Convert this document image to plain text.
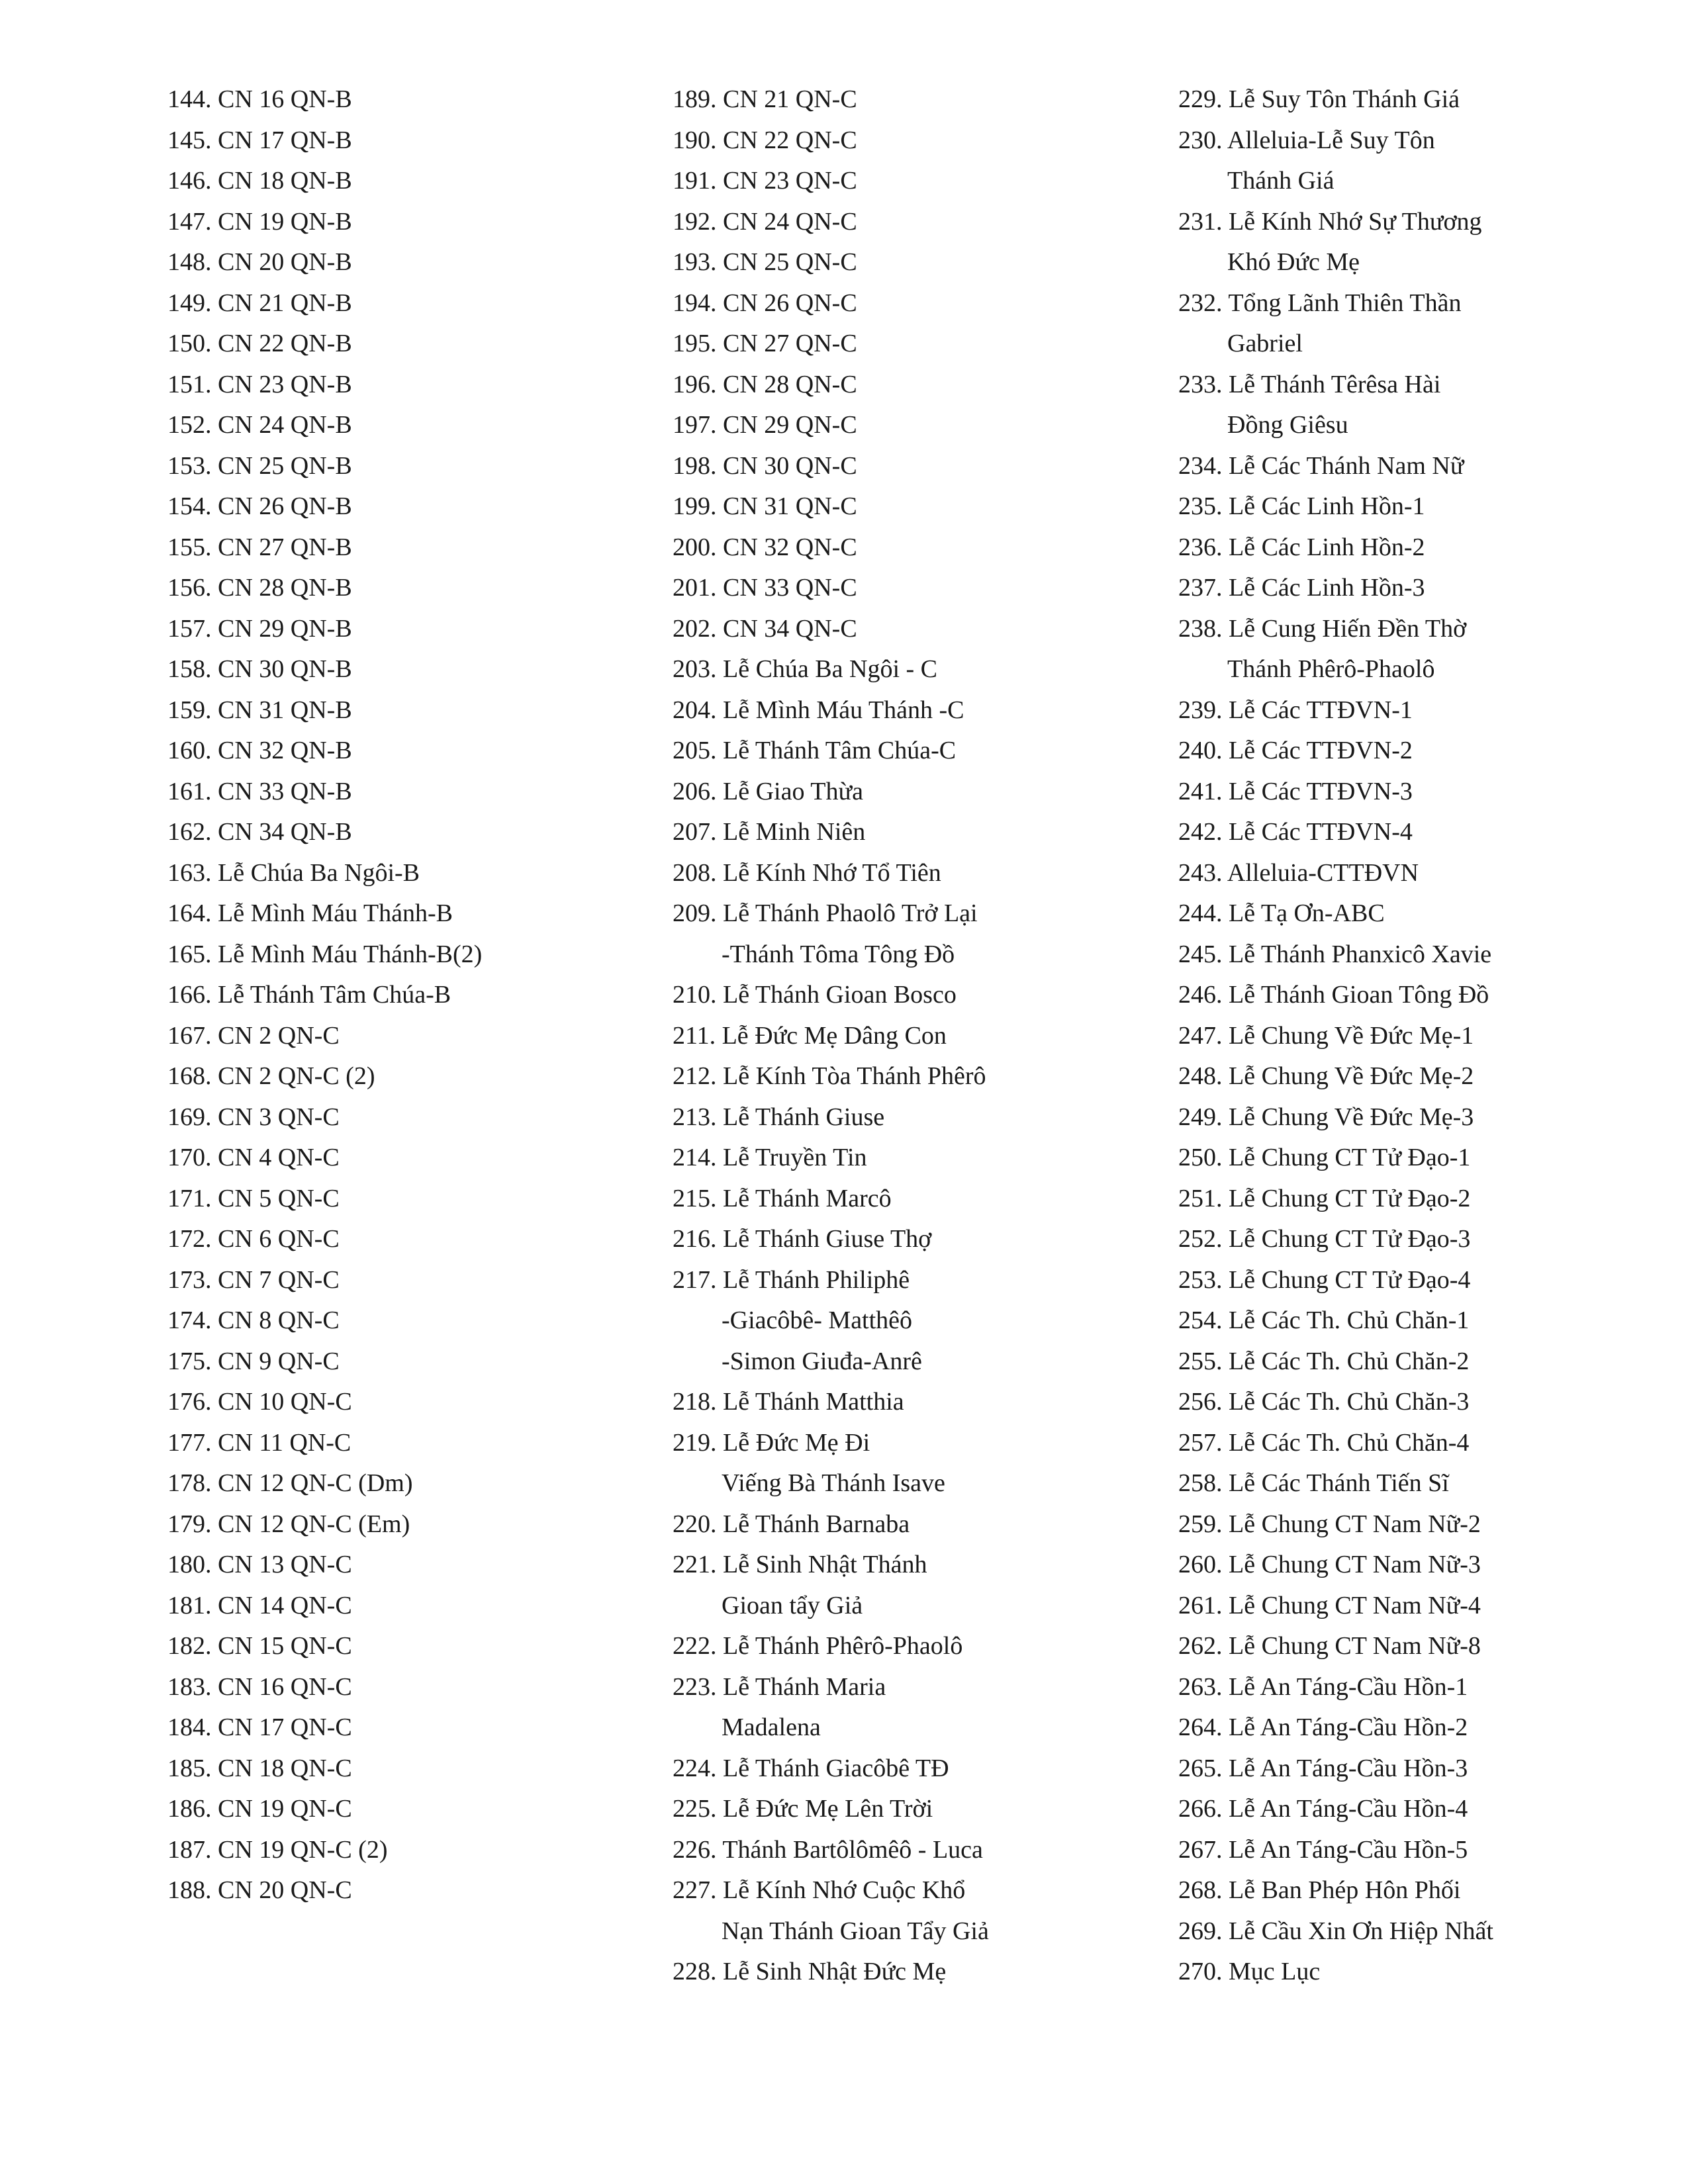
144. CN 16 QN-B
145. CN 17 QN-B
146. CN 18 QN-B
147. CN 19 QN-B
148. CN 20 QN-B
149. CN 21 QN-B
150. CN 22 QN-B
151. CN 23 QN-B
152. CN 24 QN-B
153. CN 25 QN-B
154. CN 26 QN-B
155. CN 27 QN-B
156. CN 28 QN-B
157. CN 29 QN-B
158. CN 30 QN-B
159. CN 31 QN-B
160. CN 32 QN-B
161. CN 33 QN-B
162. CN 34 QN-B
163. Lễ Chúa Ba Ngôi-B
164. Lễ Mình Máu Thánh-B
165. Lễ Mình Máu Thánh-B(2)
166. Lễ Thánh Tâm Chúa-B
167. CN 2 QN-C
168. CN 2 QN-C (2)
169. CN 3 QN-C
170. CN 4 QN-C
171. CN 5 QN-C
172. CN 6 QN-C
173. CN 7 QN-C
174. CN 8 QN-C
175. CN 9 QN-C
176. CN 10 QN-C
177. CN 11 QN-C
178. CN 12 QN-C (Dm)
179. CN 12 QN-C (Em)
180. CN 13 QN-C
181. CN 14 QN-C
182. CN 15 QN-C
183. CN 16 QN-C
184. CN 17 QN-C
185. CN 18 QN-C
186. CN 19 QN-C
187. CN 19 QN-C (2)
188. CN 20 QN-C
189. CN 21 QN-C
190. CN 22 QN-C
191. CN 23 QN-C
192. CN 24 QN-C
193. CN 25 QN-C
194. CN 26 QN-C
195. CN 27 QN-C
196. CN 28 QN-C
197. CN 29 QN-C
198. CN 30 QN-C
199. CN 31 QN-C
200. CN 32 QN-C
201. CN 33 QN-C
202. CN 34 QN-C
203. Lễ Chúa Ba Ngôi - C
204. Lễ Mình Máu Thánh -C
205. Lễ Thánh Tâm Chúa-C
206. Lễ Giao Thừa
207. Lễ Minh Niên
208. Lễ Kính Nhớ Tổ Tiên
209. Lễ Thánh Phaolô Trở Lại
-Thánh Tôma Tông Đồ
210. Lễ Thánh Gioan Bosco
211. Lễ Đức Mẹ Dâng Con
212. Lễ Kính Tòa Thánh Phêrô
213. Lễ Thánh Giuse
214. Lễ Truyền Tin
215. Lễ Thánh Marcô
216. Lễ Thánh Giuse Thợ
217. Lễ Thánh Philiphê
-Giacôbê- Matthêô
-Simon Giuđa-Anrê
218. Lễ Thánh Matthia
219. Lễ Đức Mẹ Đi
Viếng Bà Thánh Isave
220. Lễ Thánh Barnaba
221. Lễ Sinh Nhật Thánh
Gioan tẩy Giả
222. Lễ Thánh Phêrô-Phaolô
223. Lễ Thánh Maria
Madalena
224. Lễ Thánh Giacôbê TĐ
225. Lễ Đức Mẹ Lên Trời
226. Thánh Bartôlômêô - Luca
227. Lễ Kính Nhớ Cuộc Khổ
Nạn Thánh Gioan Tẩy Giả
228. Lễ Sinh Nhật Đức Mẹ
229. Lễ Suy Tôn Thánh Giá
230. Alleluia-Lễ Suy Tôn
Thánh Giá
231. Lễ Kính Nhớ Sự Thương
Khó Đức Mẹ
232. Tổng Lãnh Thiên Thần
Gabriel
233. Lễ Thánh Têrêsa Hài
Đồng Giêsu
234. Lễ Các Thánh Nam Nữ
235. Lễ Các Linh Hồn-1
236. Lễ Các Linh Hồn-2
237. Lễ Các Linh Hồn-3
238. Lễ Cung Hiến Đền Thờ
Thánh Phêrô-Phaolô
239. Lễ Các TTĐVN-1
240. Lễ Các TTĐVN-2
241. Lễ Các TTĐVN-3
242. Lễ Các TTĐVN-4
243. Alleluia-CTTĐVN
244. Lễ Tạ Ơn-ABC
245. Lễ Thánh Phanxicô Xavie
246. Lễ Thánh Gioan Tông Đồ
247. Lễ Chung Về Đức Mẹ-1
248. Lễ Chung Về Đức Mẹ-2
249. Lễ Chung Về Đức Mẹ-3
250. Lễ Chung CT Tử Đạo-1
251. Lễ Chung CT Tử Đạo-2
252. Lễ Chung CT Tử Đạo-3
253. Lễ Chung CT Tử Đạo-4
254. Lễ Các Th. Chủ Chăn-1
255. Lễ Các Th. Chủ Chăn-2
256. Lễ Các Th. Chủ Chăn-3
257. Lễ Các Th. Chủ Chăn-4
258. Lễ Các Thánh Tiến Sĩ
259. Lễ Chung CT Nam Nữ-2
260. Lễ Chung CT Nam Nữ-3
261. Lễ Chung CT Nam Nữ-4
262. Lễ Chung CT Nam Nữ-8
263. Lễ An Táng-Cầu Hồn-1
264. Lễ An Táng-Cầu Hồn-2
265. Lễ An Táng-Cầu Hồn-3
266. Lễ An Táng-Cầu Hồn-4
267. Lễ An Táng-Cầu Hồn-5
268. Lễ Ban Phép Hôn Phối
269. Lễ Cầu Xin Ơn Hiệp Nhất
270. Mục Lục
